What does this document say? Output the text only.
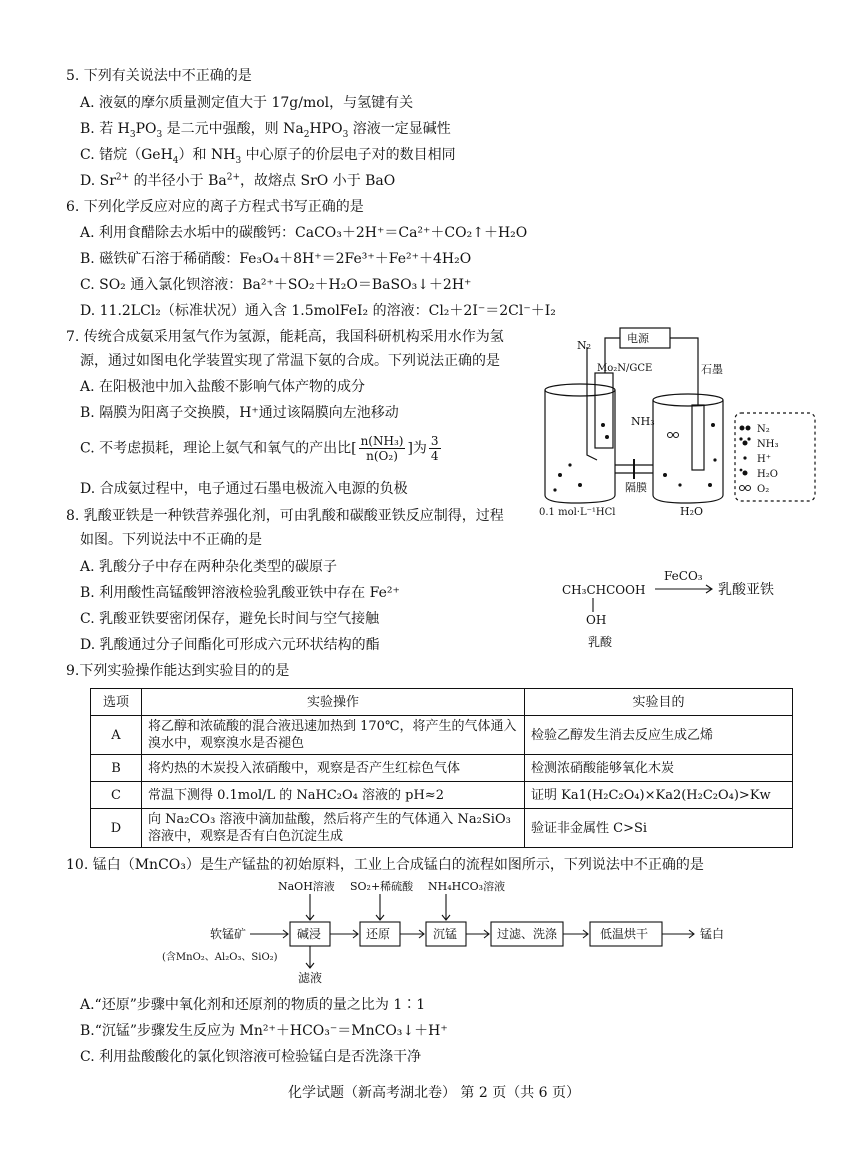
5. 下列有关说法中不正确的是
A. 液氨的摩尔质量测定值大于 17g/mol，与氢键有关
B. 若 $H_3PO_3$ 是二元中强酸，则 $Na_2HPO_3$ 溶液一定显碱性
C. 锗烷（GeH$_4$）和 $NH_3$ 中心原子的价层电子对的数目相同
D. $Sr^{2+}$ 的半径小于 $Ba^{2+}$，故熔点 SrO 小于 BaO
6. 下列化学反应对应的离子方程式书写正确的是
A. 利用食醋除去水垢中的碳酸钙：CaCO₃＋2H⁺＝Ca²⁺＋CO₂↑＋H₂O
B. 磁铁矿石溶于稀硝酸：Fe₃O₄＋8H⁺＝2Fe³⁺＋Fe²⁺＋4H₂O
C. SO₂ 通入氯化钡溶液：Ba²⁺＋SO₂＋H₂O＝BaSO₃↓＋2H⁺
D. 11.2LCl₂（标准状况）通入含 1.5molFeI₂ 的溶液：Cl₂＋2I⁻＝2Cl⁻＋I₂
7. 传统合成氨采用氢气作为氢源，能耗高，我国科研机构采用水作为氢
源，通过如图电化学装置实现了常温下氨的合成。下列说法正确的是
A. 在阳极池中加入盐酸不影响气体产物的成分
B. 隔膜为阳离子交换膜，H⁺通过该隔膜向左池移动
C. 不考虑损耗，理论上氨气和氧气的产出比[ $\frac{\text{n(NH₃)}}{\text{n(O₂)}}$ ]为 $\frac{3}{4}$
D. 合成氨过程中，电子通过石墨电极流入电源的负极
电源
N₂
Mo₂N/GCE	石墨
NH₃
隔膜
0.1 mol·L⁻¹HCl	H₂O
N₂
NH₃
H⁺
H₂O
O₂
8. 乳酸亚铁是一种铁营养强化剂，可由乳酸和碳酸亚铁反应制得，过程
如图。下列说法中不正确的是
A. 乳酸分子中存在两种杂化类型的碳原子
B. 利用酸性高锰酸钾溶液检验乳酸亚铁中存在 Fe²⁺
C. 乳酸亚铁要密闭保存，避免长时间与空气接触
D. 乳酸通过分子间酯化可形成六元环状结构的酯
CH₃CHCOOH
OH
乳酸
FeCO₃
乳酸亚铁
9.下列实验操作能达到实验目的的是
选项	实验操作	实验目的
A	将乙醇和浓硫酸的混合液迅速加热到 170℃，将产生的气体通入溴水中，观察溴水是否褪色	检验乙醇发生消去反应生成乙烯
B	将灼热的木炭投入浓硝酸中，观察是否产生红棕色气体	检测浓硝酸能够氧化木炭
C	常温下测得 0.1mol/L 的 NaHC₂O₄ 溶液的 pH≈2	证明 Ka1(H₂C₂O₄)×Ka2(H₂C₂O₄)>Kw
D	向 Na₂CO₃ 溶液中滴加盐酸，然后将产生的气体通入 Na₂SiO₃ 溶液中，观察是否有白色沉淀生成	验证非金属性 C>Si
10. 锰白（MnCO₃）是生产锰盐的初始原料，工业上合成锰白的流程如图所示，下列说法中不正确的是
NaOH溶液 SO₂+稀硫酸 NH₄HCO₃溶液
软锰矿
(含MnO₂、Al₂O₃、SiO₂)
碱浸	还原	沉锰	过滤、洗涤	低温烘干
滤液
锰白
A.“还原”步骤中氧化剂和还原剂的物质的量之比为 1∶1
B.“沉锰”步骤发生反应为 Mn²⁺＋HCO₃⁻＝MnCO₃↓＋H⁺
C. 利用盐酸酸化的氯化钡溶液可检验锰白是否洗涤干净
化学试题（新高考湖北卷） 第 2 页（共 6 页）
